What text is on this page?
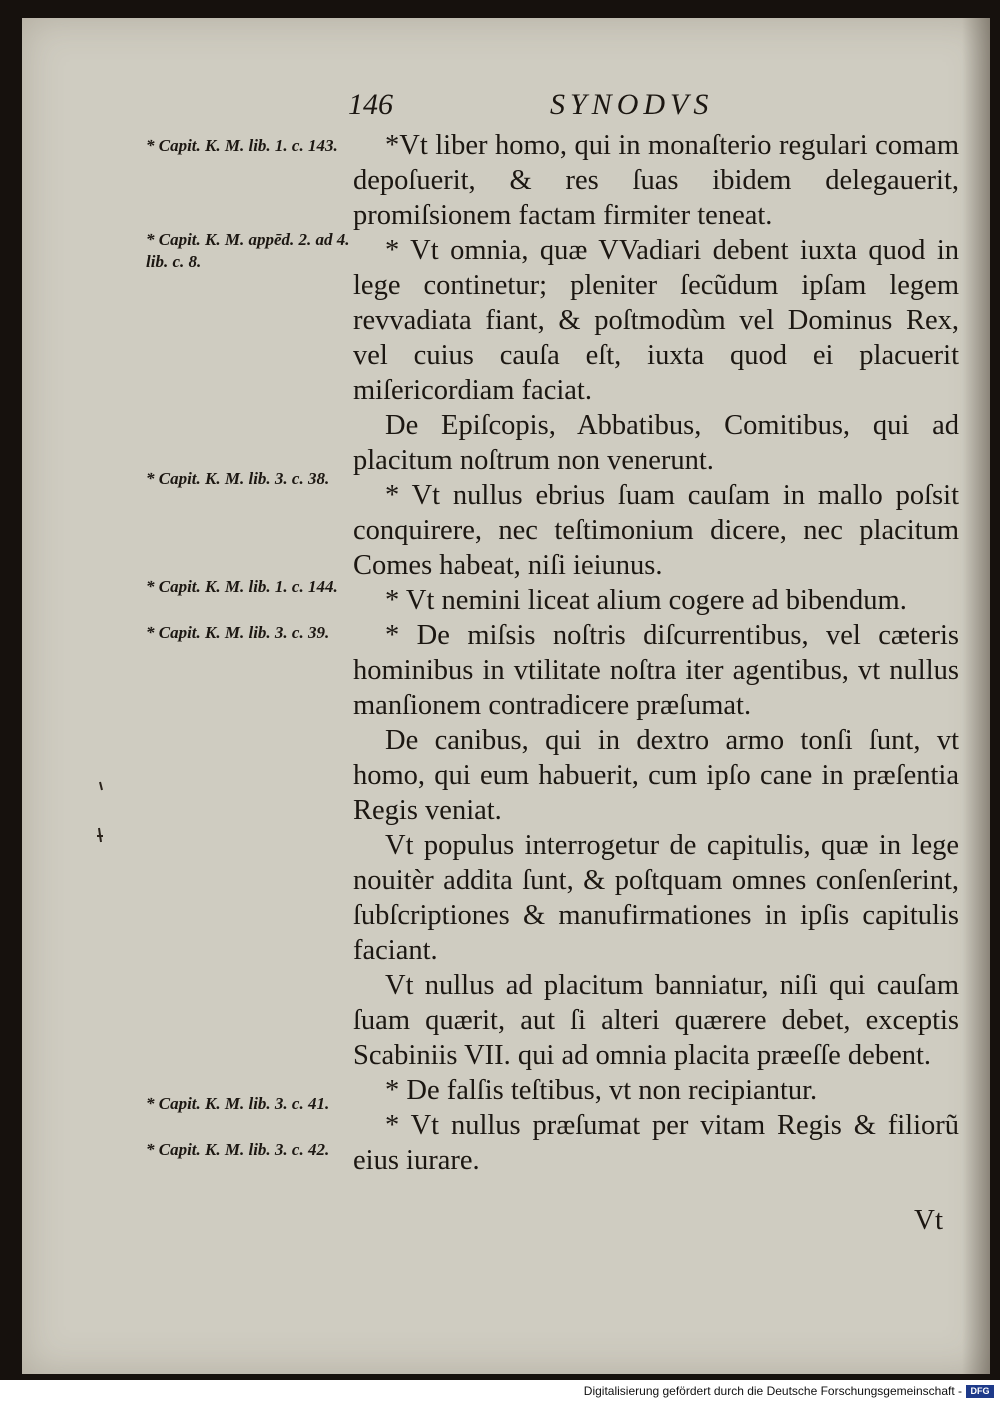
146	SYNODVS
* Capit. K. M. lib. 1. c. 143.
* Capit. K. M. appēd. 2. ad 4. lib. c. 8.
* Capit. K. M. lib. 3. c. 38.
* Capit. K. M. lib. 1. c. 144.
* Capit. K. M. lib. 3. c. 39.
* Capit. K. M. lib. 3. c. 41.
* Capit. K. M. lib. 3. c. 42.

*Vt liber homo, qui in monaſterio regulari comam depoſuerit, & res ſuas ibidem delegauerit, promiſsionem factam firmiter teneat.

* Vt omnia, quæ VVadiari debent iuxta quod in lege continetur; pleniter ſecũdum ipſam legem revvadiata fiant, & poſtmodùm vel Dominus Rex, vel cuius cauſa eſt, iuxta quod ei placuerit miſericordiam faciat.

De Epiſcopis, Abbatibus, Comitibus, qui ad placitum noſtrum non venerunt.

* Vt nullus ebrius ſuam cauſam in mallo poſsit conquirere, nec teſtimonium dicere, nec placitum Comes habeat, niſi ieiunus.

* Vt nemini liceat alium cogere ad bibendum.

* De miſsis noſtris diſcurrentibus, vel cæteris hominibus in vtilitate noſtra iter agentibus, vt nullus manſionem contradicere præſumat.

De canibus, qui in dextro armo tonſi ſunt, vt homo, qui eum habuerit, cum ipſo cane in præſentia Regis veniat.

Vt populus interrogetur de capitulis, quæ in lege nouitèr addita ſunt, & poſtquam omnes conſenſerint, ſubſcriptiones & manufirmationes in ipſis capitulis faciant.

Vt nullus ad placitum banniatur, niſi qui cauſam ſuam quærit, aut ſi alteri quærere debet, exceptis Scabiniis VII. qui ad omnia placita præeſſe debent.

* De falſis teſtibus, vt non recipiantur.

* Vt nullus præſumat per vitam Regis & filiorũ eius iurare.

Vt
Digitalisierung gefördert durch die Deutsche Forschungsgemeinschaft - DFG
